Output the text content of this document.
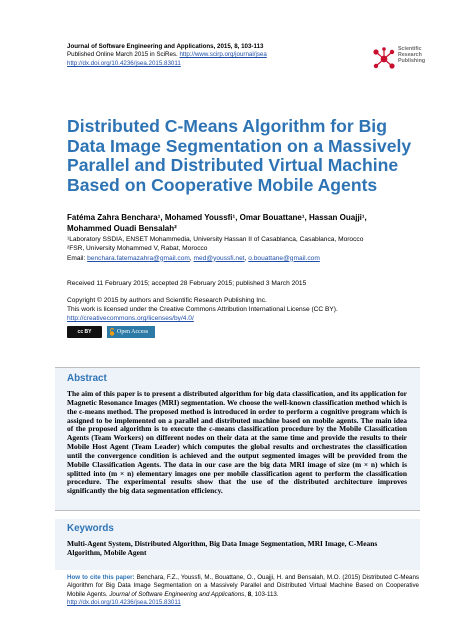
Journal of Software Engineering and Applications, 2015, 8, 103-113
Published Online March 2015 in SciRes. http://www.scirp.org/journal/jsea
http://dx.doi.org/10.4236/jsea.2015.83011
Scientific
Research
Publishing
Distributed C-Means Algorithm for Big Data Image Segmentation on a Massively Parallel and Distributed Virtual Machine Based on Cooperative Mobile Agents
Fatéma Zahra Benchara¹, Mohamed Youssfi¹, Omar Bouattane¹, Hassan Ouajji¹,
Mohammed Ouadi Bensalah²
¹Laboratory SSDIA, ENSET Mohammedia, University Hassan II of Casablanca, Casablanca, Morocco
²FSR, University Mohammed V, Rabat, Morocco
Email: benchara.fatemazahra@gmail.com, med@youssfi.net, o.bouattane@gmail.com
Received 11 February 2015; accepted 28 February 2015; published 3 March 2015
Copyright © 2015 by authors and Scientific Research Publishing Inc.
This work is licensed under the Creative Commons Attribution International License (CC BY).
http://creativecommons.org/licenses/by/4.0/
cc BY	Open Access
Abstract
The aim of this paper is to present a distributed algorithm for big data classification, and its application for Magnetic Resonance Images (MRI) segmentation. We choose the well-known classification method which is the c-means method. The proposed method is introduced in order to perform a cognitive program which is assigned to be implemented on a parallel and distributed machine based on mobile agents. The main idea of the proposed algorithm is to execute the c-means classification procedure by the Mobile Classification Agents (Team Workers) on different nodes on their data at the same time and provide the results to their Mobile Host Agent (Team Leader) which computes the global results and orchestrates the classification until the convergence condition is achieved and the output segmented images will be provided from the Mobile Classification Agents. The data in our case are the big data MRI image of size (m × n) which is splitted into (m × n) elementary images one per mobile classification agent to perform the classification procedure. The experimental results show that the use of the distributed architecture improves significantly the big data segmentation efficiency.
Keywords
Multi-Agent System, Distributed Algorithm, Big Data Image Segmentation, MRI Image, C-Means Algorithm, Mobile Agent
How to cite this paper: Benchara, F.Z., Youssfi, M., Bouattane, O., Ouajji, H. and Bensalah, M.O. (2015) Distributed C-Means Algorithm for Big Data Image Segmentation on a Massively Parallel and Distributed Virtual Machine Based on Cooperative Mobile Agents. Journal of Software Engineering and Applications, 8, 103-113.
http://dx.doi.org/10.4236/jsea.2015.83011
